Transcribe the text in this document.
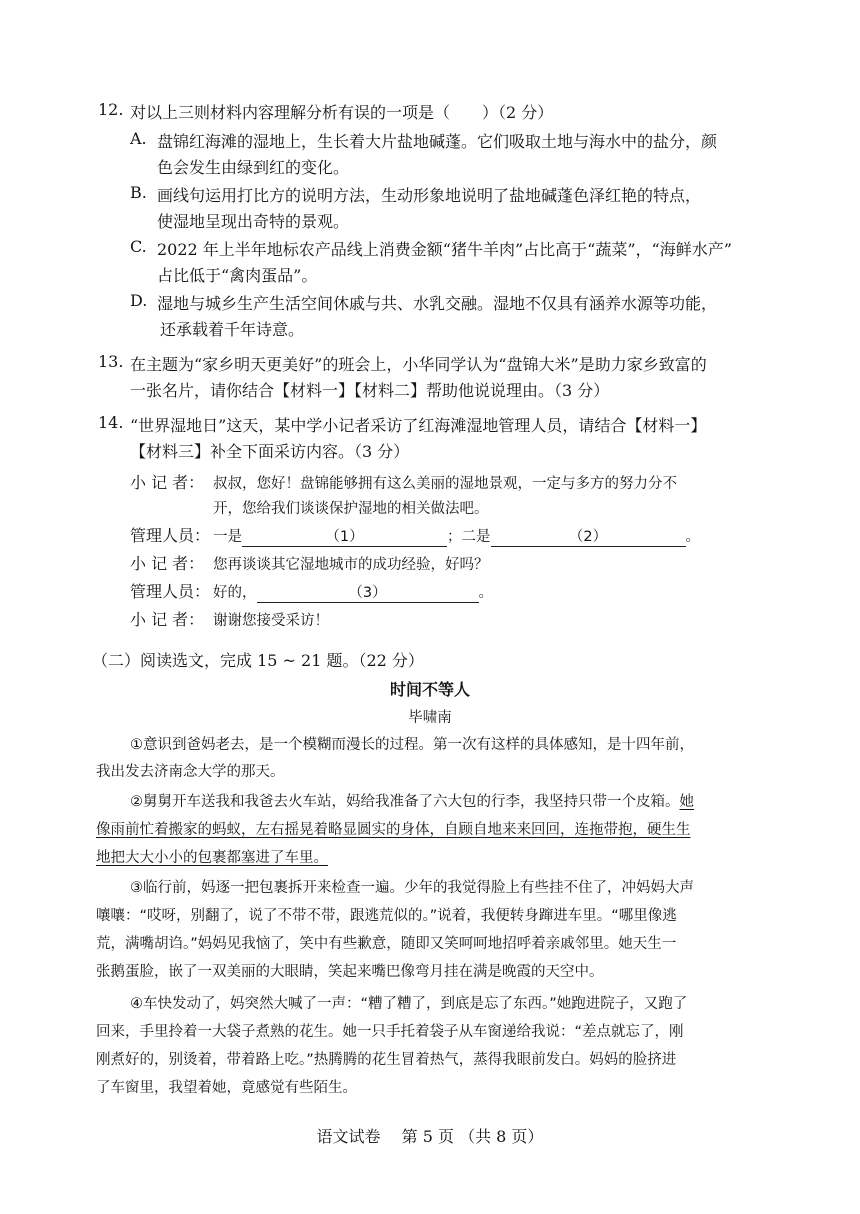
12. 对以上三则材料内容理解分析有误的一项是（　　）（2 分）
A. 盘锦红海滩的湿地上，生长着大片盐地碱蓬。它们吸取土地与海水中的盐分，颜
色会发生由绿到红的变化。
B. 画线句运用打比方的说明方法，生动形象地说明了盐地碱蓬色泽红艳的特点，
使湿地呈现出奇特的景观。
C. 2022 年上半年地标农产品线上消费金额“猪牛羊肉”占比高于“蔬菜”，“海鲜水产”
占比低于“禽肉蛋品”。
D. 湿地与城乡生产生活空间休戚与共、水乳交融。湿地不仅具有涵养水源等功能，
还承载着千年诗意。
13. 在主题为“家乡明天更美好”的班会上，小华同学认为“盘锦大米”是助力家乡致富的
一张名片，请你结合【材料一】【材料二】帮助他说说理由。（3 分）
14. “世界湿地日”这天，某中学小记者采访了红海滩湿地管理人员，请结合【材料一】
【材料三】补全下面采访内容。（3 分）
小 记 者： 叔叔，您好！盘锦能够拥有这么美丽的湿地景观，一定与多方的努力分不
开，您给我们谈谈保护湿地的相关做法吧。
管理人员： 一是	（1）	；二是	（2）	。
小 记 者： 您再谈谈其它湿地城市的成功经验，好吗？
管理人员： 好的，	（3）	。
小 记 者： 谢谢您接受采访！
（二）阅读选文，完成 15 ~ 21 题。（22 分）
时间不等人
毕啸南
①意识到爸妈老去，是一个模糊而漫长的过程。第一次有这样的具体感知，是十四年前，
我出发去济南念大学的那天。
②舅舅开车送我和我爸去火车站，妈给我准备了六大包的行李，我坚持只带一个皮箱。她
像雨前忙着搬家的蚂蚁，左右摇晃着略显圆实的身体，自顾自地来来回回，连拖带抱，硬生生
地把大大小小的包裹都塞进了车里。
③临行前，妈逐一把包裹拆开来检查一遍。少年的我觉得脸上有些挂不住了，冲妈妈大声
嚷嚷：“哎呀，别翻了，说了不带不带，跟逃荒似的。”说着，我便转身蹿进车里。“哪里像逃
荒，满嘴胡诌。”妈妈见我恼了，笑中有些歉意，随即又笑呵呵地招呼着亲戚邻里。她天生一
张鹅蛋脸，嵌了一双美丽的大眼睛，笑起来嘴巴像弯月挂在满是晚霞的天空中。
④车快发动了，妈突然大喊了一声：“糟了糟了，到底是忘了东西。”她跑进院子，又跑了
回来，手里拎着一大袋子煮熟的花生。她一只手托着袋子从车窗递给我说：“差点就忘了，刚
刚煮好的，别烫着，带着路上吃。”热腾腾的花生冒着热气，蒸得我眼前发白。妈妈的脸挤进
了车窗里，我望着她，竟感觉有些陌生。
语文试卷　 第 5 页 （共 8 页）
